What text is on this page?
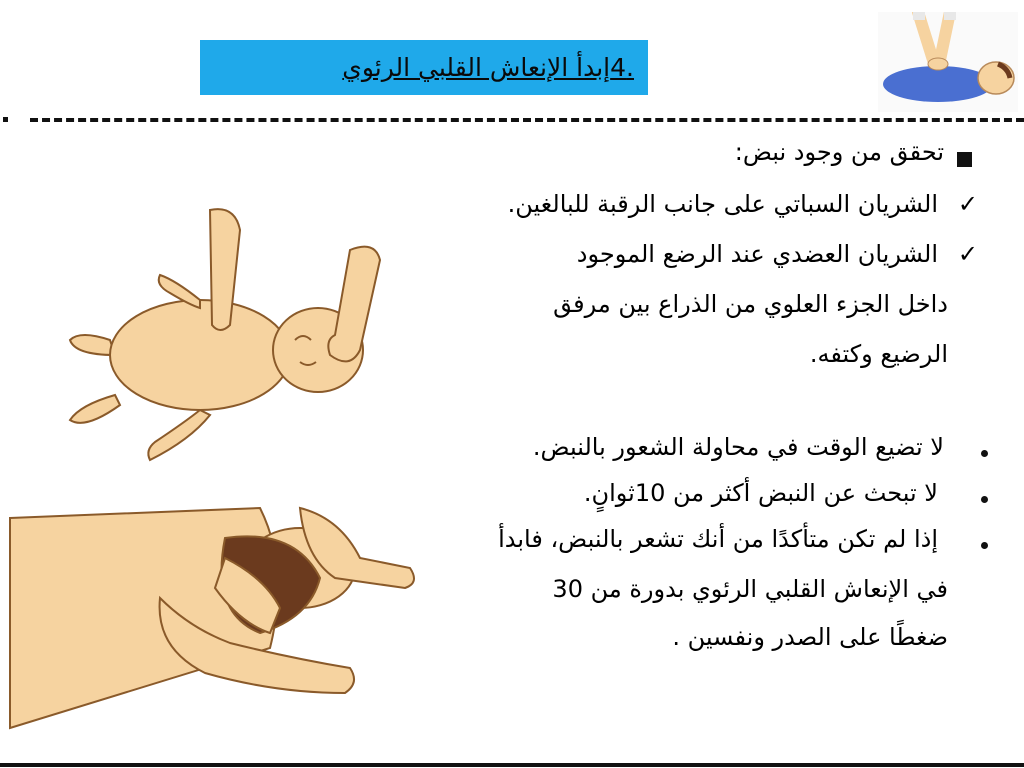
.4إبدأ الإنعاش القلبي الرئوي
تحقق من وجود نبض:
✓
الشريان السباتي على جانب الرقبة للبالغين.
✓
الشريان العضدي عند الرضع الموجود
داخل الجزء العلوي من الذراع بين مرفق
الرضيع وكتفه.
لا تضيع الوقت في محاولة الشعور بالنبض.
لا تبحث عن النبض أكثر من 10ثوانٍ.
إذا لم تكن متأكدًا من أنك تشعر بالنبض، فابدأ
في الإنعاش القلبي الرئوي بدورة من 30
ضغطًا على الصدر ونفسين .
